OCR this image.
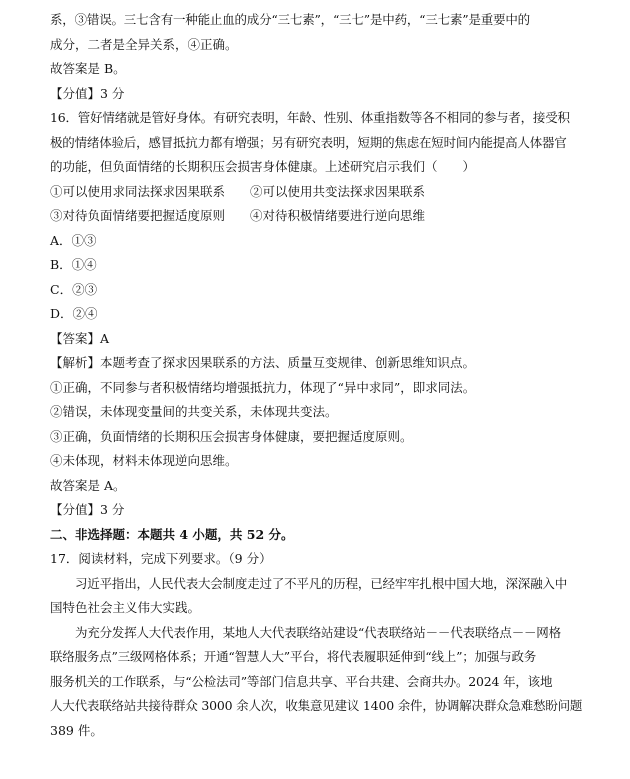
系，③错误。三七含有一种能止血的成分“三七素”，“三七”是中药，“三七素”是重要中的
成分，二者是全异关系，④正确。
故答案是 B。
【分值】3 分
16．管好情绪就是管好身体。有研究表明，年龄、性别、体重指数等各不相同的参与者，接受积
极的情绪体验后，感冒抵抗力都有增强；另有研究表明，短期的焦虑在短时间内能提高人体器官
的功能，但负面情绪的长期积压会损害身体健康。上述研究启示我们（　　）
①可以使用求同法探求因果联系　　②可以使用共变法探求因果联系
③对待负面情绪要把握适度原则　　④对待积极情绪要进行逆向思维
A．①③
B．①④
C．②③
D．②④
【答案】A
【解析】本题考查了探求因果联系的方法、质量互变规律、创新思维知识点。
①正确，不同参与者积极情绪均增强抵抗力，体现了“异中求同”，即求同法。
②错误，未体现变量间的共变关系，未体现共变法。
③正确，负面情绪的长期积压会损害身体健康，要把握适度原则。
④未体现，材料未体现逆向思维。
故答案是 A。
【分值】3 分
二、非选择题：本题共 4 小题，共 52 分。
17．阅读材料，完成下列要求。（9 分）
习近平指出，人民代表大会制度走过了不平凡的历程，已经牢牢扎根中国大地，深深融入中
国特色社会主义伟大实践。
为充分发挥人大代表作用，某地人大代表联络站建设“代表联络站－－代表联络点－－网格
联络服务点”三级网格体系；开通“智慧人大”平台，将代表履职延伸到“线上”；加强与政务
服务机关的工作联系，与“公检法司”等部门信息共享、平台共建、会商共办。2024 年，该地
人大代表联络站共接待群众 3000 余人次，收集意见建议 1400 余件，协调解决群众急难愁盼问题
389 件。
